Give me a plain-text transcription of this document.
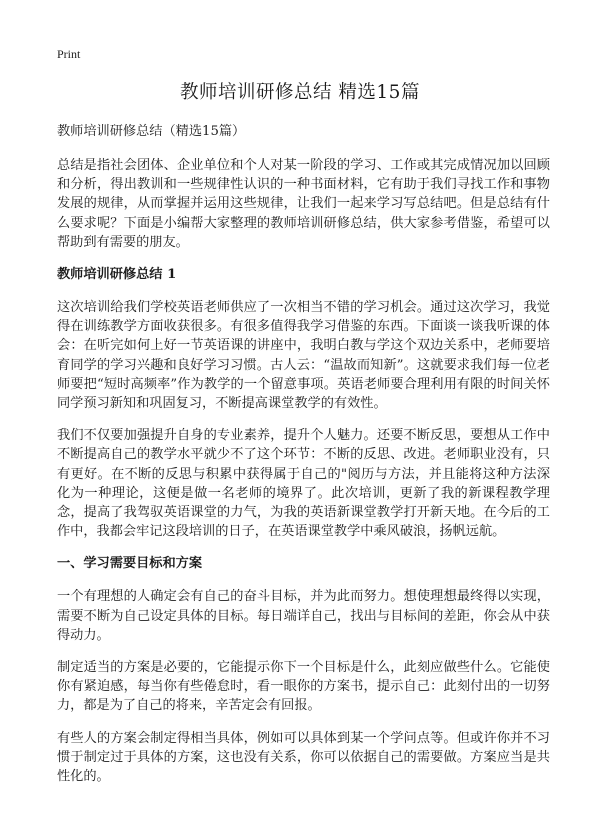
Print
教师培训研修总结 精选15篇

教师培训研修总结（精选15篇）

总结是指社会团体、企业单位和个人对某一阶段的学习、工作或其完成情况加以回顾和分析，得出教训和一些规律性认识的一种书面材料，它有助于我们寻找工作和事物发展的规律，从而掌握并运用这些规律，让我们一起来学习写总结吧。但是总结有什么要求呢？下面是小编帮大家整理的教师培训研修总结，供大家参考借鉴，希望可以帮助到有需要的朋友。

教师培训研修总结 1

这次培训给我们学校英语老师供应了一次相当不错的学习机会。通过这次学习，我觉得在训练教学方面收获很多。有很多值得我学习借鉴的东西。下面谈一谈我听课的体会：在听完如何上好一节英语课的讲座中，我明白教与学这个双边关系中，老师要培育同学的学习兴趣和良好学习习惯。古人云：“温故而知新”。这就要求我们每一位老师要把“短时高频率”作为教学的一个留意事项。英语老师要合理利用有限的时间关怀同学预习新知和巩固复习，不断提高课堂教学的有效性。

我们不仅要加强提升自身的专业素养，提升个人魅力。还要不断反思，要想从工作中不断提高自己的教学水平就少不了这个环节：不断的反思、改进。老师职业没有，只有更好。在不断的反思与积累中获得属于自己的"阅历与方法，并且能将这种方法深化为一种理论，这便是做一名老师的境界了。此次培训，更新了我的新课程教学理念，提高了我驾驭英语课堂的力气，为我的英语新课堂教学打开新天地。在今后的工作中，我都会牢记这段培训的日子，在英语课堂教学中乘风破浪，扬帆远航。

一、学习需要目标和方案

一个有理想的人确定会有自己的奋斗目标，并为此而努力。想使理想最终得以实现，需要不断为自己设定具体的目标。每日端详自己，找出与目标间的差距，你会从中获得动力。

制定适当的方案是必要的，它能提示你下一个目标是什么，此刻应做些什么。它能使你有紧迫感，每当你有些倦怠时，看一眼你的方案书，提示自己：此刻付出的一切努力，都是为了自己的将来，辛苦定会有回报。

有些人的方案会制定得相当具体，例如可以具体到某一个学问点等。但或许你并不习惯于制定过于具体的方案，这也没有关系，你可以依据自己的需要做。方案应当是共性化的。
